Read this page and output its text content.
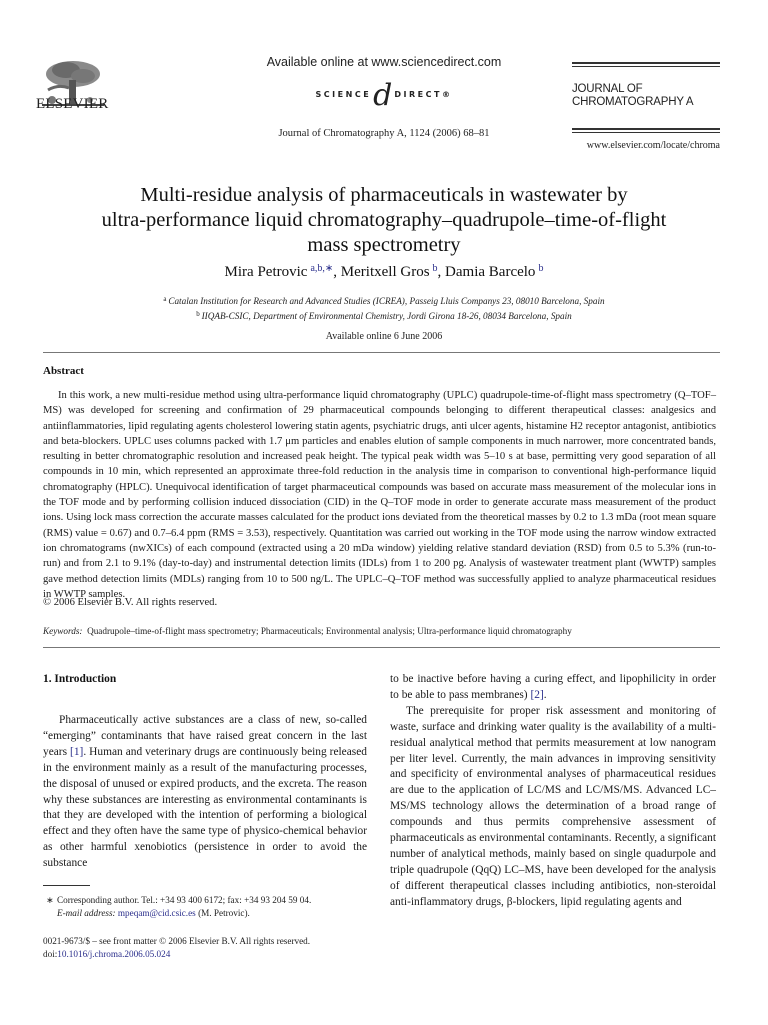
ELSEVIER
Available online at www.sciencedirect.com
SCIENCEd DIRECT®
Journal of Chromatography A, 1124 (2006) 68–81
JOURNAL OF
CHROMATOGRAPHY A
www.elsevier.com/locate/chroma
Multi-residue analysis of pharmaceuticals in wastewater by
ultra-performance liquid chromatography–quadrupole–time-of-flight
mass spectrometry
Mira Petrovic  $^{a,b,∗}$, Meritxell Gros  $^b$, Damia Barcelo  $^b$
$^a$  Catalan Institution for Research and Advanced Studies (ICREA), Passeig Lluis Companys 23, 08010 Barcelona, Spain
$^b$  IIQAB-CSIC, Department of Environmental Chemistry, Jordi Girona 18-26, 08034 Barcelona, Spain
Available online 6 June 2006
Abstract
In this work, a new multi-residue method using ultra-performance liquid chromatography (UPLC) quadrupole-time-of-flight mass spectrometry (Q–TOF–MS) was developed for screening and confirmation of 29 pharmaceutical compounds belonging to different therapeutical classes: analgesics and antiinflammatories, lipid regulating agents cholesterol lowering statin agents, psychiatric drugs, anti ulcer agents, histamine H2 receptor antagonist, antibiotics and beta-blockers. UPLC uses columns packed with 1.7 μm particles and enables elution of sample components in much narrower, more concentrated bands, resulting in better chromatographic resolution and increased peak height. The typical peak width was 5–10 s at base, permitting very good separation of all compounds in 10 min, which represented an approximate three-fold reduction in the analysis time in comparison to conventional high-performance liquid chromatography (HPLC). Unequivocal identification of target pharmaceutical compounds was based on accurate mass measurement of the molecular ions in the TOF mode and by performing collision induced dissociation (CID) in the Q–TOF mode in order to generate accurate mass measurement of the product ions. Using lock mass correction the accurate masses calculated for the product ions deviated from the theoretical masses by 0.2 to 1.3 mDa (root mean square (RMS) value = 0.67) and 0.7–6.4 ppm (RMS = 3.53), respectively. Quantitation was carried out working in the TOF mode using the narrow window extracted ion chromatograms (nwXICs) of each compound (extracted using a 20 mDa window) yielding relative standard deviation (RSD) from 0.5 to 5.3% (run-to-run) and from 2.1 to 9.1% (day-to-day) and instrumental detection limits (IDLs) from 1 to 200 pg. Analysis of wastewater treatment plant (WWTP) samples gave method detection limits (MDLs) ranging from 10 to 500 ng/L. The UPLC–Q–TOF method was successfully applied to analyze pharmaceutical residues in WWTP samples.
© 2006 Elsevier B.V. All rights reserved.
Keywords: Quadrupole–time-of-flight mass spectrometry; Pharmaceuticals; Environmental analysis; Ultra-performance liquid chromatography
1. Introduction

Pharmaceutically active substances are a class of new, so-called “emerging” contaminants that have raised great concern in the last years [1]. Human and veterinary drugs are continuously being released in the environment mainly as a result of the manufacturing processes, the disposal of unused or expired products, and the excreta. The reason why these substances are interesting as environmental contaminants is that they are developed with the intention of performing a biological effect and they often have the same type of physico-chemical behavior as other harmful xenobiotics (persistence in order to avoid the substance

to be inactive before having a curing effect, and lipophilicity in order to be able to pass membranes) [2].

The prerequisite for proper risk assessment and monitoring of waste, surface and drinking water quality is the availability of a multi-residual analytical method that permits measurement at low nanogram per liter level. Currently, the main advances in improving sensitivity and specificity of environmental analyses of pharmaceutical residues are due to the application of LC/MS and LC/MS/MS. Advanced LC–MS/MS technology allows the determination of a broad range of compounds and thus permits comprehensive assessment of pharmaceuticals as environmental contaminants. Recently, a significant number of analytical methods, mainly based on single quadurpole and triple quadrupole (QqQ) LC–MS, have been developed for the analysis of different therapeutical classes including antibiotics, non-steroidal anti-inflammatory drugs, β-blockers, lipid regulating agents and

∗ Corresponding author. Tel.: +34 93 400 6172; fax: +34 93 204 59 04.
E-mail address: mpeqam@cid.csic.es (M. Petrovic).
0021-9673/$ – see front matter © 2006 Elsevier B.V. All rights reserved.
doi:10.1016/j.chroma.2006.05.024
